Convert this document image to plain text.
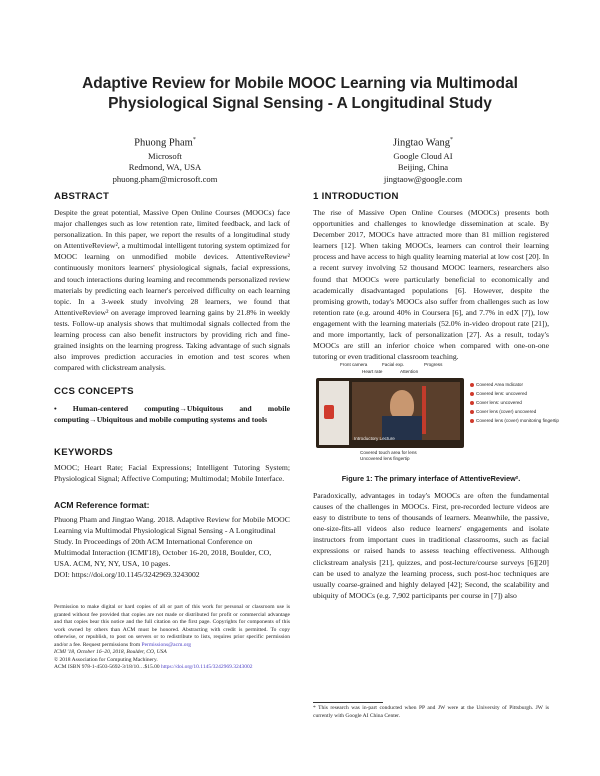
Adaptive Review for Mobile MOOC Learning via Multimodal
Physiological Signal Sensing - A Longitudinal Study
Phuong Pham*
Microsoft
Redmond, WA, USA
phuong.pham@microsoft.com
Jingtao Wang*
Google Cloud AI
Beijing, China
jingtaow@google.com
ABSTRACT

Despite the great potential, Massive Open Online Courses (MOOCs) face major challenges such as low retention rate, limited feedback, and lack of personalization. In this paper, we report the results of a longitudinal study on AttentiveReview², a multimodal intelligent tutoring system optimized for MOOC learning on unmodified mobile devices. AttentiveReview² continuously monitors learners' physiological signals, facial expressions, and touch interactions during learning and recommends personalized review materials by predicting each learner's perceived difficulty on each learning topic. In a 3-week study involving 28 learners, we found that AttentiveReview² on average improved learning gains by 21.8% in weekly tests. Follow-up analysis shows that multimodal signals collected from the learning process can also benefit instructors by providing rich and fine-grained insights on the learning progress. Taking advantage of such signals also improves prediction accuracies in emotion and test scores when compared with clickstream analysis.

CCS CONCEPTS
• Human-centered computing→Ubiquitous and mobile computing→Ubiquitous and mobile computing systems and tools
KEYWORDS
MOOC; Heart Rate; Facial Expressions; Intelligent Tutoring System; Physiological Signal; Affective Computing; Multimodal; Mobile Interface.
ACM Reference format:

Phuong Pham and Jingtao Wang. 2018. Adaptive Review for Mobile MOOC Learning via Multimodal Physiological Signal Sensing - A Longitudinal Study. In Proceedings of 20th ACM International Conference on Multimodal Interaction (ICMI'18), October 16-20, 2018, Boulder, CO, USA. ACM, NY, NY, USA, 10 pages.

DOI: https://doi.org/10.1145/3242969.3243002

Permission to make digital or hard copies of all or part of this work for personal or classroom use is granted without fee provided that copies are not made or distributed for profit or commercial advantage and that copies bear this notice and the full citation on the first page. Copyrights for components of this work owned by others than ACM must be honored. Abstracting with credit is permitted. To copy otherwise, or republish, to post on servers or to redistribute to lists, requires prior specific permission and/or a fee. Request permissions from Permissions@acm.org
ICMI '18, October 16–20, 2018, Boulder, CO, USA
© 2018 Association for Computing Machinery.
ACM ISBN 978-1-4503-5692-3/18/10…$15.00 https://doi.org/10.1145/3242969.3243002
1 INTRODUCTION
The rise of Massive Open Online Courses (MOOCs) presents both opportunities and challenges to knowledge dissemination at scale. By December 2017, MOOCs have attracted more than 81 million registered learners [12]. When taking MOOCs, learners can control their learning process and have access to high quality learning material at low cost [20]. In a recent survey involving 52 thousand MOOC learners, researchers also found that MOOCs were particularly beneficial to economically and academically disadvantaged populations [6]. However, despite the promising growth, today's MOOCs also suffer from challenges such as low retention rate (e.g. around 40% in Coursera [6], and 7.7% in edX [7]), low engagement with the learning materials (52.0% in-video dropout rate [21]), and more importantly, lack of personalization [27]. As a result, today's MOOCs are still an inferior choice when compared with one-on-one tutoring or even traditional classroom teaching.
Front camera
Heart rate
Facial exp.
Attention
Progress
Introductory Lecture
Covered Area Indicator
Covered lens: uncovered
Cover lens: uncovered
Cover lens (cover) uncovered
Covered lens (cover) monitoring fingertip
Covered touch area for lens
Uncovered lens fingertip
Figure 1: The primary interface of AttentiveReview².
Paradoxically, advantages in today's MOOCs are often the fundamental causes of the challenges in MOOCs. First, pre-recorded lecture videos are easy to distribute to tens of thousands of learners. Meanwhile, the passive, one-size-fits-all videos also reduce learners' engagements and isolate instructors from important cues in traditional classrooms, such as facial expressions or raised hands to assess teaching effectiveness. Although clickstream analysis [21], quizzes, and post-lecture/course surveys [6][20] can be used to analyze the learning process, such post-hoc techniques are usually coarse-grained and highly delayed [42]; Second, the scalability and ubiquity of MOOCs (e.g. 7,902 participants per course in [7]) also
* This research was in-part conducted when PP and JW were at the University of Pittsburgh. JW is currently with Google AI China Center.
